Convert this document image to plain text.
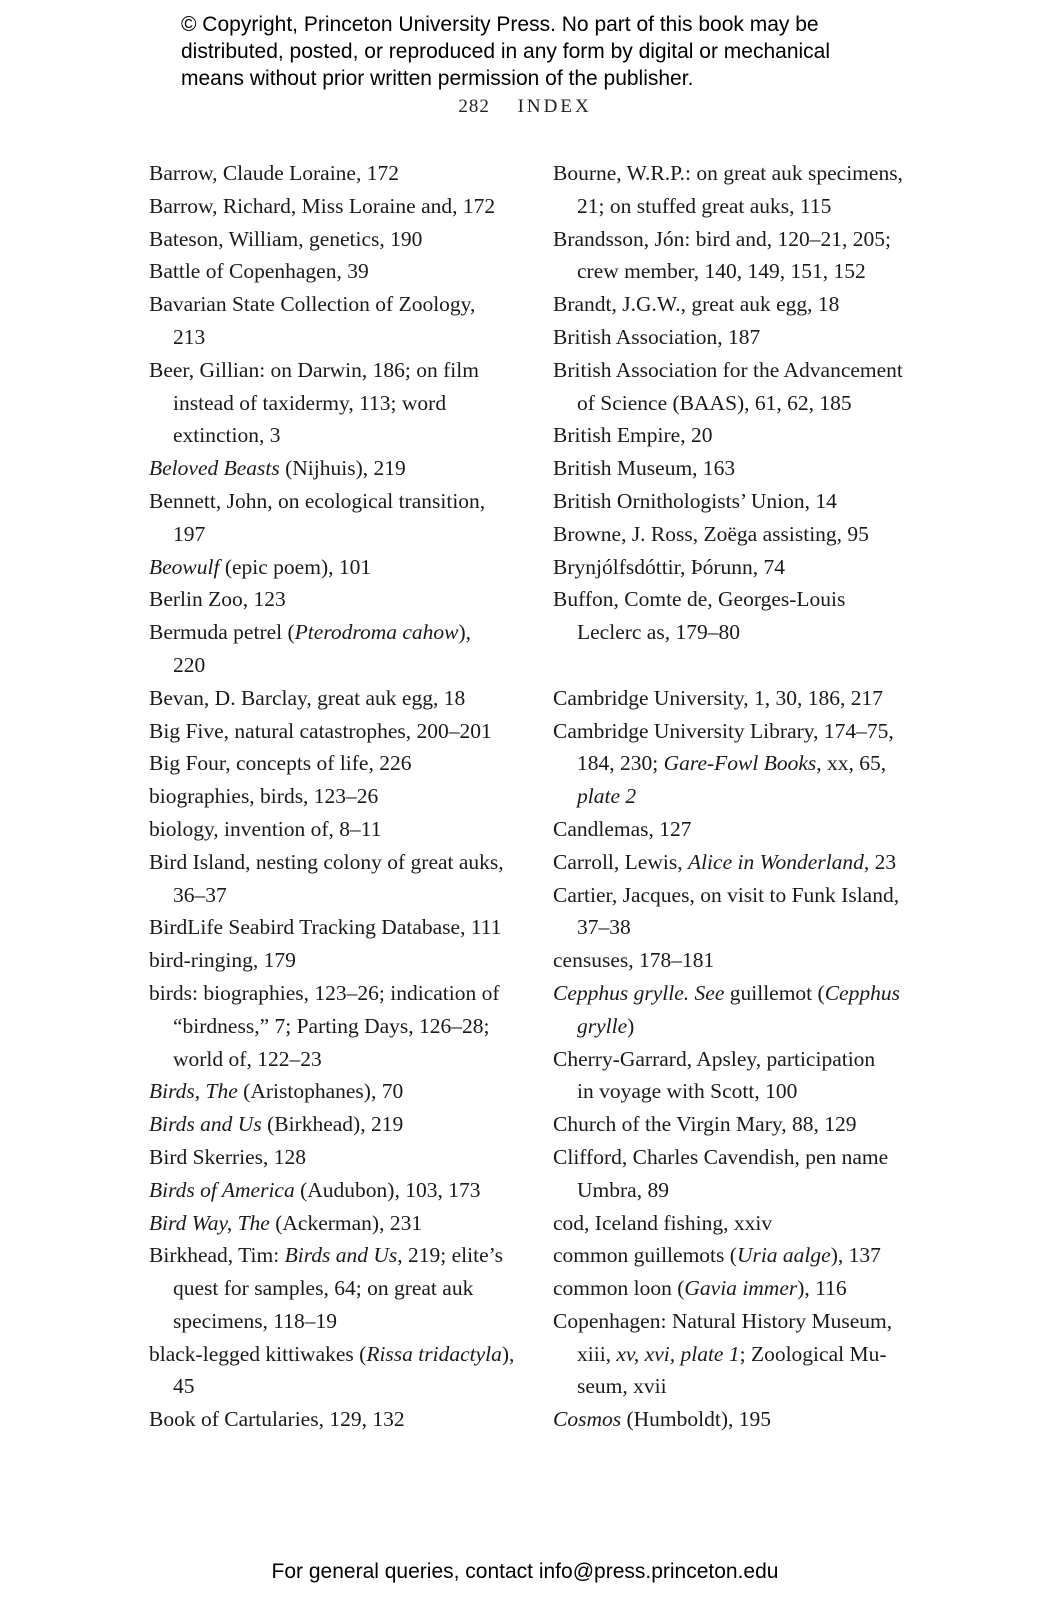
© Copyright, Princeton University Press. No part of this book may be
distributed, posted, or reproduced in any form by digital or mechanical
means without prior written permission of the publisher.
282 INDEX
Barrow, Claude Loraine, 172
Barrow, Richard, Miss Loraine and, 172
Bateson, William, genetics, 190
Battle of Copenhagen, 39
Bavarian State Collection of Zoology,
213
Beer, Gillian: on Darwin, 186; on film
instead of taxidermy, 113; word
extinction, 3
Beloved Beasts (Nijhuis), 219
Bennett, John, on ecological transition,
197
Beowulf (epic poem), 101
Berlin Zoo, 123
Bermuda petrel (Pterodroma cahow),
220
Bevan, D. Barclay, great auk egg, 18
Big Five, natural catastrophes, 200–201
Big Four, concepts of life, 226
biographies, birds, 123–26
biology, invention of, 8–11
Bird Island, nesting colony of great auks,
36–37
BirdLife Seabird Tracking Database, 111
bird-ringing, 179
birds: biographies, 123–26; indication of
“birdness,” 7; Parting Days, 126–28;
world of, 122–23
Birds, The (Aristophanes), 70
Birds and Us (Birkhead), 219
Bird Skerries, 128
Birds of America (Audubon), 103, 173
Bird Way, The (Ackerman), 231
Birkhead, Tim: Birds and Us, 219; elite’s
quest for samples, 64; on great auk
specimens, 118–19
black-legged kittiwakes (Rissa tridactyla),
45
Book of Cartularies, 129, 132
Bourne, W.R.P.: on great auk specimens,
21; on stuffed great auks, 115
Brandsson, Jón: bird and, 120–21, 205;
crew member, 140, 149, 151, 152
Brandt, J.G.W., great auk egg, 18
British Association, 187
British Association for the Advancement
of Science (BAAS), 61, 62, 185
British Empire, 20
British Museum, 163
British Ornithologists’ Union, 14
Browne, J. Ross, Zoëga assisting, 95
Brynjólfsdóttir, Þórunn, 74
Buffon, Comte de, Georges-Louis
Leclerc as, 179–80
Cambridge University, 1, 30, 186, 217
Cambridge University Library, 174–75,
184, 230; Gare-Fowl Books, xx, 65,
plate 2
Candlemas, 127
Carroll, Lewis, Alice in Wonderland, 23
Cartier, Jacques, on visit to Funk Island,
37–38
censuses, 178–181
Cepphus grylle. See guillemot (Cepphus
grylle)
Cherry-Garrard, Apsley, participation
in voyage with Scott, 100
Church of the Virgin Mary, 88, 129
Clifford, Charles Cavendish, pen name
Umbra, 89
cod, Iceland fishing, xxiv
common guillemots (Uria aalge), 137
common loon (Gavia immer), 116
Copenhagen: Natural History Museum,
xiii, xv, xvi, plate 1; Zoological Mu-
seum, xvii
Cosmos (Humboldt), 195
For general queries, contact info@press.princeton.edu
